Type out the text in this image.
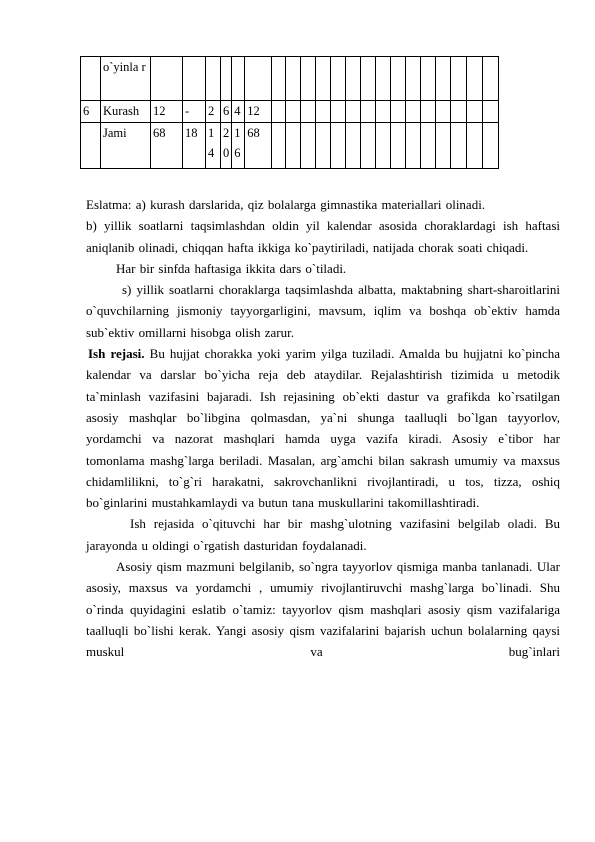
	o`yinla r																					
6	Kurash	12	-	2	6	4	12															
	Jami	68	18	1 4	2 0	1 6	68															

Eslatma: a) kurash darslarida, qiz bolalarga gimnastika materiallari olinadi.

b) yillik soatlarni taqsimlashdan oldin yil kalendar asosida choraklardagi ish haftasi aniqlanib olinadi, chiqqan hafta ikkiga ko`paytiriladi, natijada chorak soati chiqadi.

Har bir sinfda haftasiga ikkita dars o`tiladi.

s) yillik soatlarni choraklarga taqsimlashda albatta, maktabning shart-sharoitlarini o`quvchilarning jismoniy tayyorgarligini, mavsum, iqlim va boshqa ob`ektiv hamda sub`ektiv omillarni hisobga olish zarur.

Ish rejasi. Bu hujjat chorakka yoki yarim yilga tuziladi. Amalda bu hujjatni ko`pincha kalendar va darslar bo`yicha reja deb ataydilar. Rejalashtirish tizimida u metodik ta`minlash vazifasini bajaradi. Ish rejasining ob`ekti dastur va grafikda ko`rsatilgan asosiy mashqlar bo`libgina qolmasdan, ya`ni shunga taalluqli bo`lgan tayyorlov, yordamchi va nazorat mashqlari hamda uyga vazifa kiradi. Asosiy e`tibor har tomonlama mashg`larga beriladi. Masalan, arg`amchi bilan sakrash umumiy va maxsus chidamlilikni, to`g`ri harakatni, sakrovchanlikni rivojlantiradi, u tos, tizza, oshiq bo`ginlarini mustahkamlaydi va butun tana muskullarini takomillashtiradi.

Ish rejasida o`qituvchi har bir mashg`ulotning vazifasini belgilab oladi. Bu jarayonda u oldingi o`rgatish dasturidan foydalanadi.

Asosiy qism mazmuni belgilanib, so`ngra tayyorlov qismiga manba tanlanadi. Ular asosiy, maxsus va yordamchi , umumiy rivojlantiruvchi mashg`larga bo`linadi. Shu o`rinda quyidagini eslatib o`tamiz: tayyorlov qism mashqlari asosiy qism vazifalariga taalluqli bo`lishi kerak. Yangi asosiy qism vazifalarini bajarish uchun bolalarning qaysi muskul va bug`inlari
